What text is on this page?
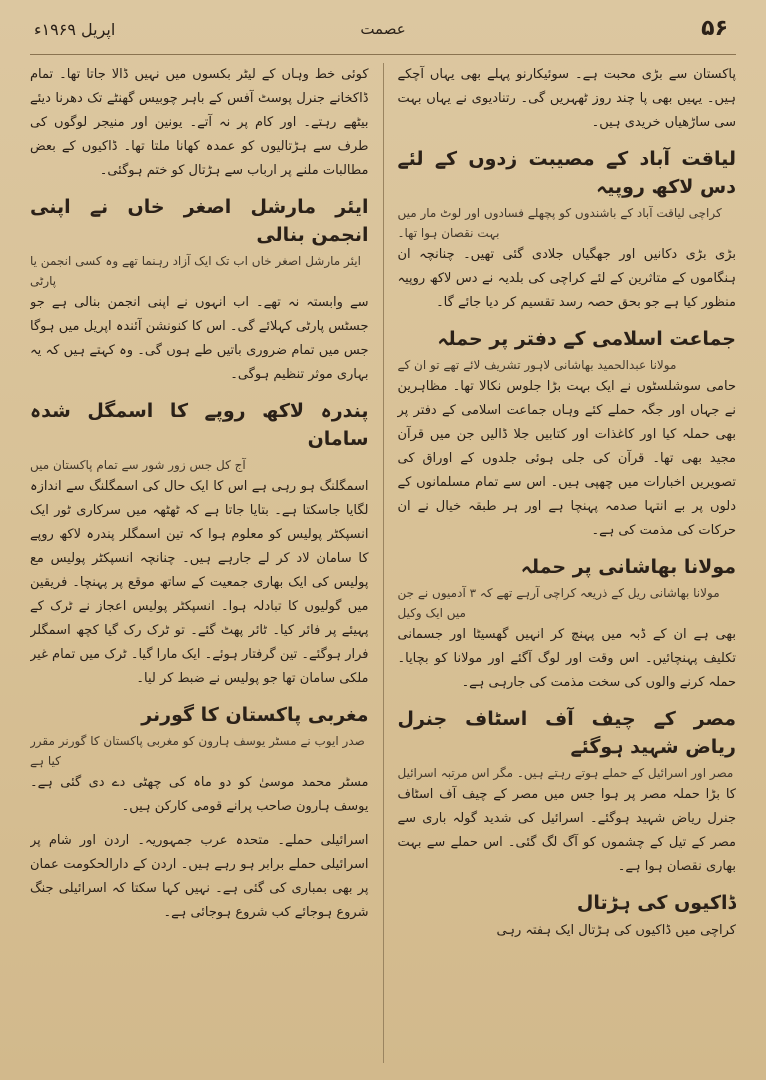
۵۶
عصمت
اپریل ۱۹۶۹ء

پاکستان سے بڑی محبت ہے۔ سوئیکارنو پہلے بھی یہاں آچکے ہیں۔ یہیں بھی پا چند روز ٹھہریں گی۔ رتنادیوی نے یہاں بہت سی ساڑھیاں خریدی ہیں۔

لیاقت آباد کے مصیبت زدوں کے لئے دس لاکھ روپیہ
کراچی لیاقت آباد کے باشندوں کو پچھلے فسادوں اور لوٹ مار میں بہت نقصان ہوا تھا۔

بڑی بڑی دکانیں اور جھگیاں جلادی گئی تھیں۔ چنانچہ ان ہنگاموں کے متاثرین کے لئے کراچی کی بلدیہ نے دس لاکھ روپیہ منظور کیا ہے جو بحق حصہ رسد تقسیم کر دیا جائے گا۔

جماعت اسلامی کے دفتر پر حملہ
مولانا عبدالحمید بھاشانی لاہور تشریف لائے تھے تو ان کے

حامی سوشلسٹوں نے ایک بہت بڑا جلوس نکالا تھا۔ مظاہرین نے جہاں اور جگہ حملے کئے وہاں جماعت اسلامی کے دفتر پر بھی حملہ کیا اور کاغذات اور کتابیں جلا ڈالیں جن میں قرآن مجید بھی تھا۔ قرآن کی جلی ہوئی جلدوں کے اوراق کی تصویریں اخبارات میں چھپی ہیں۔ اس سے تمام مسلمانوں کے دلوں پر بے انتہا صدمہ پہنچا ہے اور ہر طبقہ خیال نے ان حرکات کی مذمت کی ہے۔

مولانا بھاشانی پر حملہ
مولانا بھاشانی ریل کے ذریعہ کراچی آرہے تھے کہ ۳ آدمیوں نے جن میں ایک وکیل

بھی ہے ان کے ڈبہ میں پہنچ کر انہیں گھسیٹا اور جسمانی تکلیف پہنچائیں۔ اس وقت اور لوگ آگئے اور مولانا کو بچایا۔ حملہ کرنے والوں کی سخت مذمت کی جارہی ہے۔

مصر کے چیف آف اسٹاف جنرل ریاض شہید ہوگئے
مصر اور اسرائیل کے حملے ہوتے رہتے ہیں۔ مگر اس مرتبہ اسرائیل

کا بڑا حملہ مصر پر ہوا جس میں مصر کے چیف آف اسٹاف جنرل ریاض شہید ہوگئے۔ اسرائیل کی شدید گولہ باری سے مصر کے تیل کے چشموں کو آگ لگ گئی۔ اس حملے سے بہت بھاری نقصان ہوا ہے۔

ڈاکیوں کی ہڑتال

کراچی میں ڈاکیوں کی ہڑتال ایک ہفتہ رہی

کوئی خط وہاں کے لیٹر بکسوں میں نہیں ڈالا جاتا تھا۔ تمام ڈاکخانے جنرل پوسٹ آفس کے باہر چوبیس گھنٹے تک دھرنا دیئے بیٹھے رہتے۔ اور کام پر نہ آتے۔ یونین اور منیجر لوگوں کی طرف سے ہڑتالیوں کو عمدہ کھانا ملتا تھا۔ ڈاکیوں کے بعض مطالبات ملنے پر ارباب سے ہڑتال کو ختم ہوگئی۔

ایئر مارشل اصغر خاں نے اپنی انجمن بنالی
ایئر مارشل اصغر خاں اب تک ایک آزاد رہنما تھے وہ کسی انجمن یا پارٹی

سے وابستہ نہ تھے۔ اب انہوں نے اپنی انجمن بنالی ہے جو جسٹس پارٹی کہلائے گی۔ اس کا کنونشن آئندہ اپریل میں ہوگا جس میں تمام ضروری باتیں طے ہوں گی۔ وہ کہتے ہیں کہ یہ بہاری موثر تنظیم ہوگی۔

پندرہ لاکھ روپے کا اسمگل شدہ سامان
آج کل جس زور شور سے تمام پاکستان میں

اسمگلنگ ہو رہی ہے اس کا ایک حال کی اسمگلنگ سے اندازہ لگایا جاسکتا ہے۔ بتایا جاتا ہے کہ ٹھٹھہ میں سرکاری ٹور ایک انسپکٹر پولیس کو معلوم ہوا کہ تین اسمگلر پندرہ لاکھ روپے کا سامان لاد کر لے جارہے ہیں۔ چنانچہ انسپکٹر پولیس مع پولیس کی ایک بھاری جمعیت کے ساتھ موقع پر پہنچا۔ فریقین میں گولیوں کا تبادلہ ہوا۔ انسپکٹر پولیس اعجاز نے ٹرک کے پہیئے پر فائر کیا۔ ٹائر پھٹ گئے۔ تو ٹرک رک گیا کچھ اسمگلر فرار ہوگئے۔ تین گرفتار ہوئے۔ ایک مارا گیا۔ ٹرک میں تمام غیر ملکی سامان تھا جو پولیس نے ضبط کر لیا۔

مغربی پاکستان کا گورنر
صدر ایوب نے مسٹر یوسف ہارون کو مغربی پاکستان کا گورنر مقرر کیا ہے

مسٹر محمد موسیٰ کو دو ماہ کی چھٹی دے دی گئی ہے۔ یوسف ہارون صاحب پرانے قومی کارکن ہیں۔

اسرائیلی حملے۔ متحدہ عرب جمہوریہ۔ اردن اور شام پر اسرائیلی حملے برابر ہو رہے ہیں۔ اردن کے دارالحکومت عمان پر بھی بمباری کی گئی ہے۔ نہیں کہا سکتا کہ اسرائیلی جنگ شروع ہوجائے کب شروع ہوجائی ہے۔
